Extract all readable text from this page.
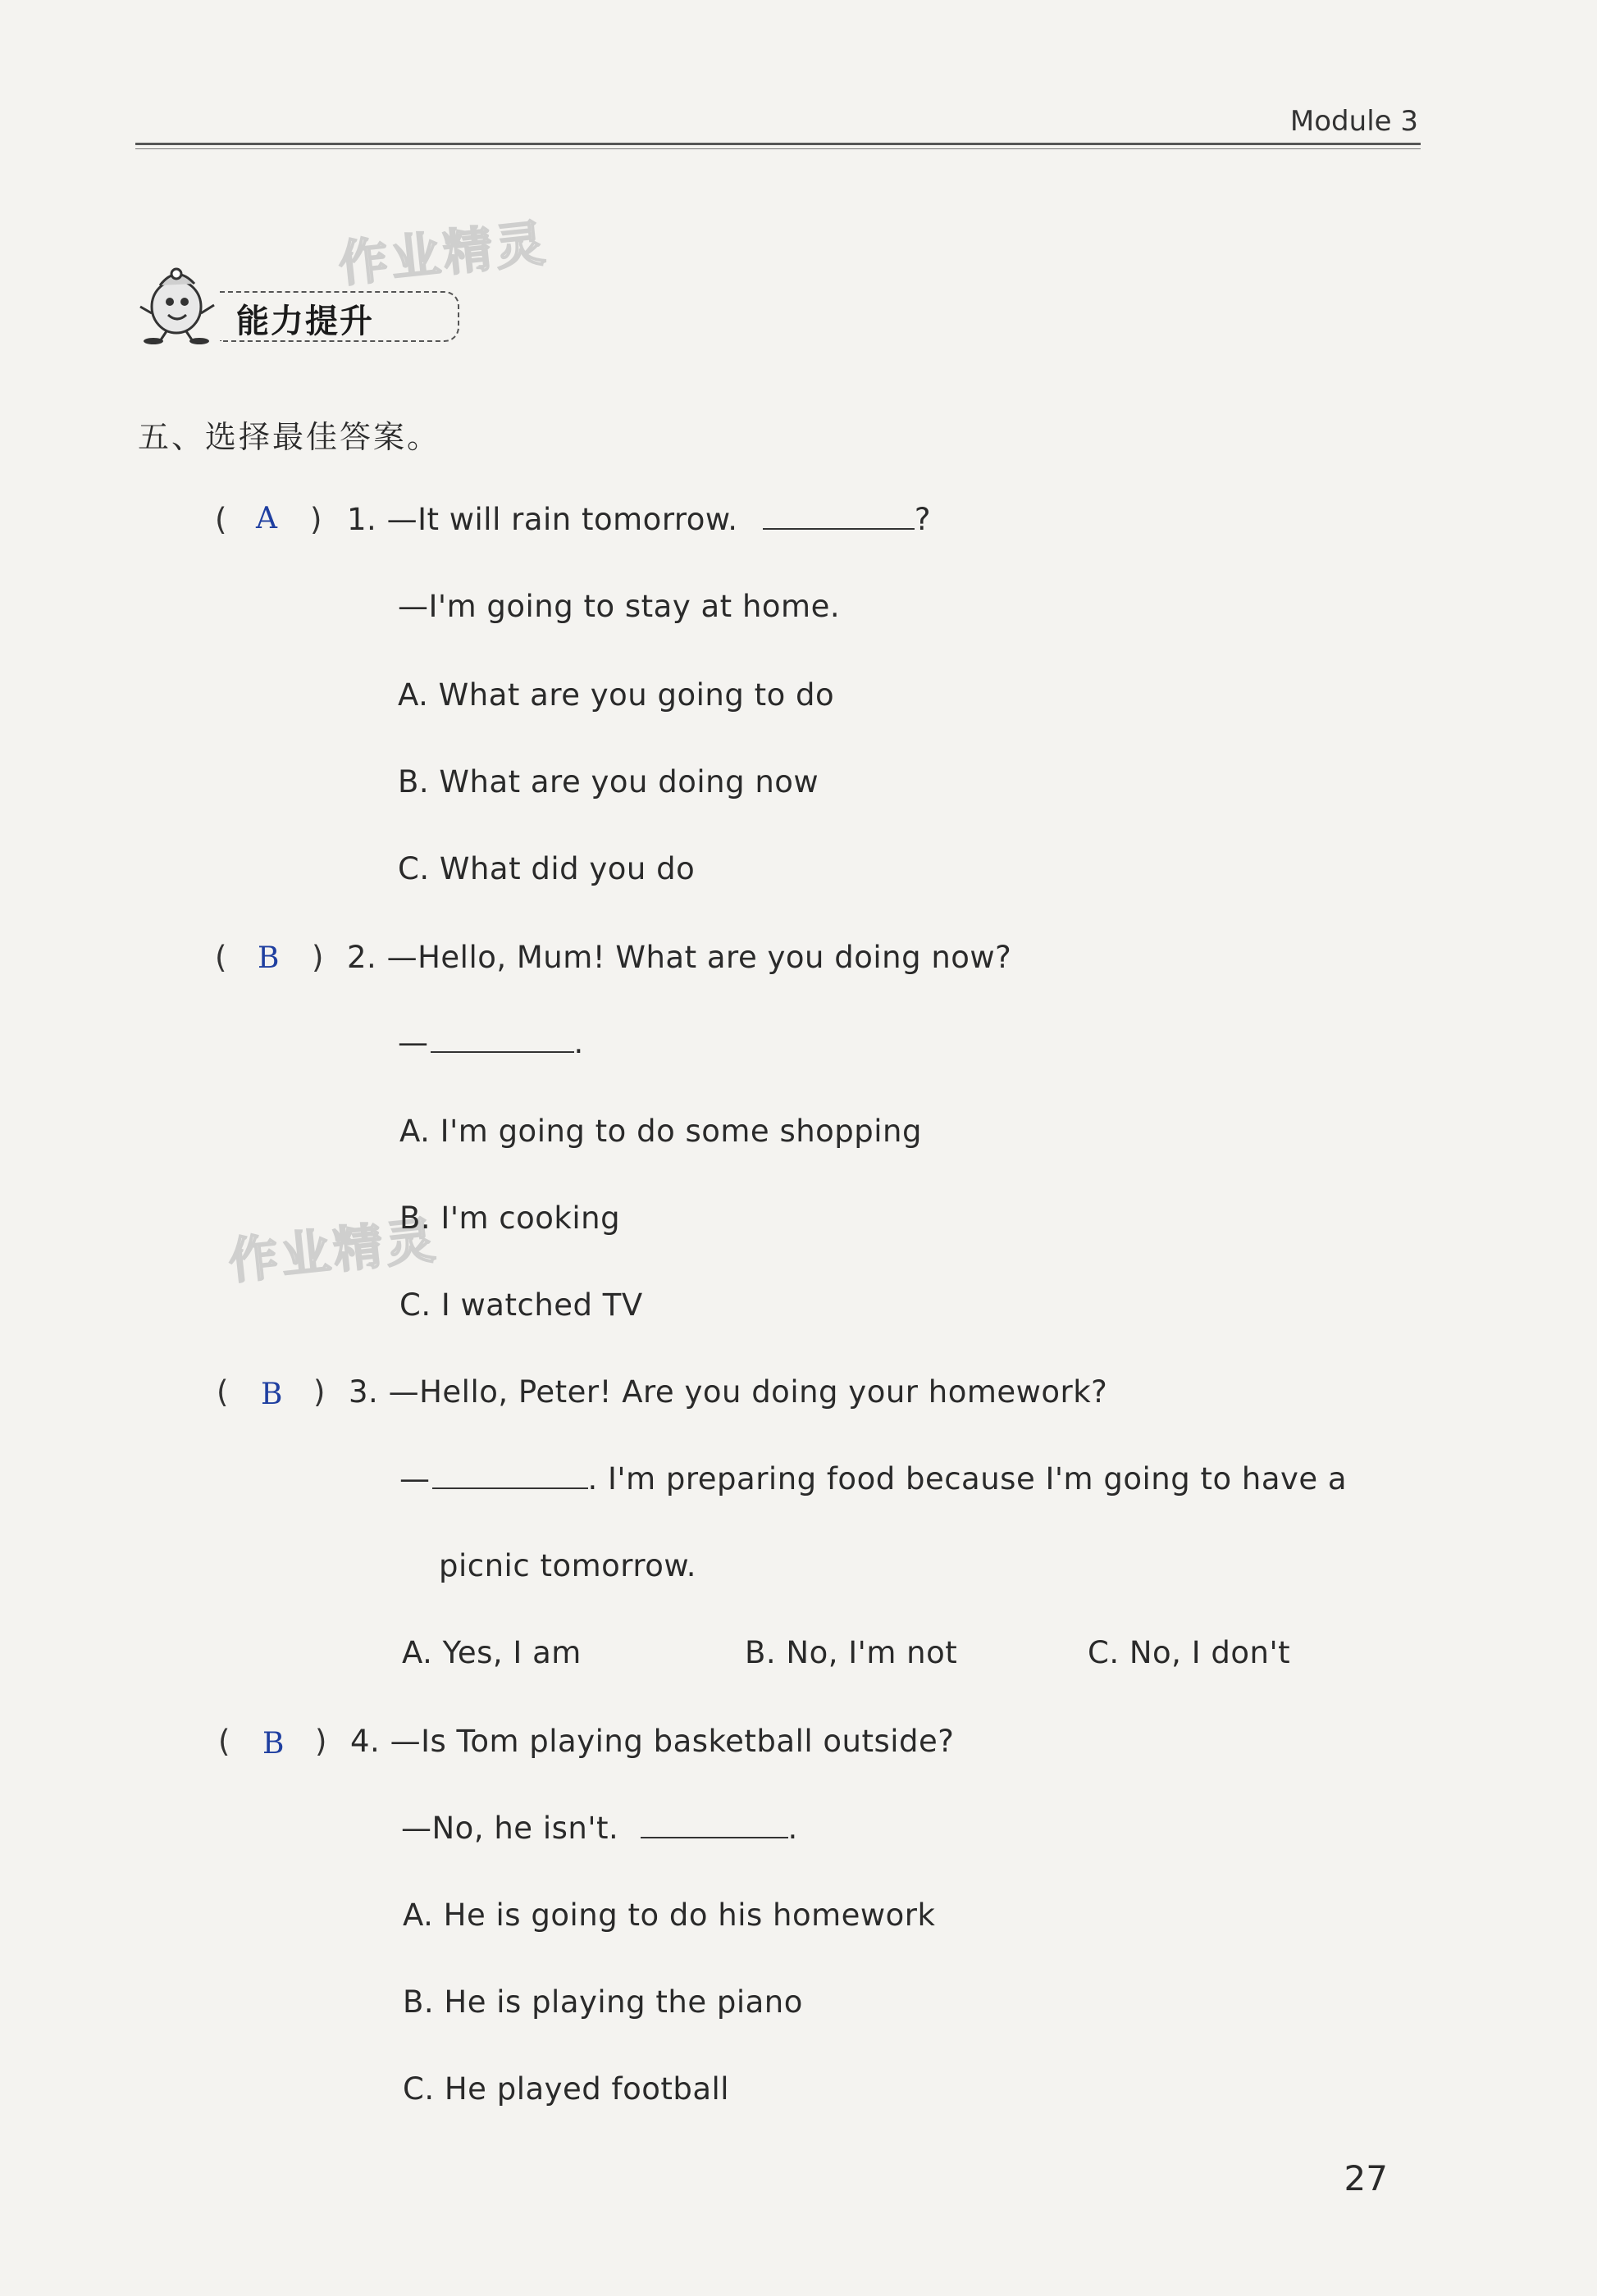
Module 3
作业精灵
能力提升
五、选择最佳答案。
( A ) 1. —It will rain tomorrow.	?
—I'm going to stay at home.
A. What are you going to do
B. What are you doing now
C. What did you do
( B ) 2. —Hello, Mum! What are you doing now?
—	.
A. I'm going to do some shopping
作业精灵
B. I'm cooking
C. I watched TV
( B ) 3. —Hello, Peter! Are you doing your homework?
—	. I'm preparing food because I'm going to have a
picnic tomorrow.
A. Yes, I am	B. No, I'm not	C. No, I don't
( B ) 4. —Is Tom playing basketball outside?
—No, he isn't.	.
A. He is going to do his homework
B. He is playing the piano
C. He played football
27
